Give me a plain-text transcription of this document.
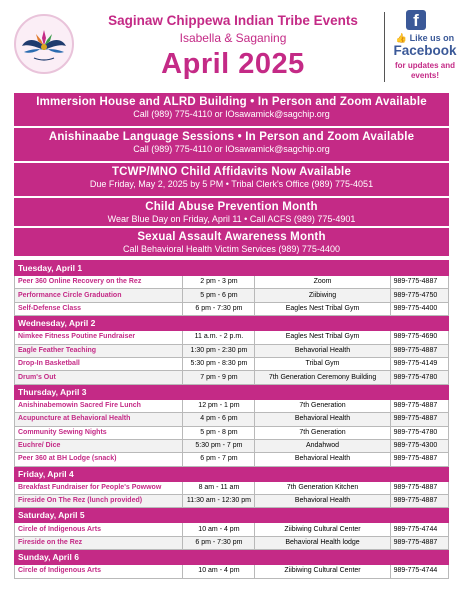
Saginaw Chippewa Indian Tribe Events
Isabella & Saganing
April 2025
f
👍 Like us on
Facebook
for updates and events!
Immersion House and ALRD Building • In Person and Zoom Available
Call (989) 775-4110 or IOsawamick@sagchip.org
Anishinaabe Language Sessions • In Person and Zoom Available
Call (989) 775-4110 or IOsawamick@sagchip.org
TCWP/MNO Child Affidavits Now Available
Due Friday, May 2, 2025 by 5 PM • Tribal Clerk's Office (989) 775-4051
Child Abuse Prevention Month
Wear Blue Day on Friday, April 11 • Call ACFS (989) 775-4901
Sexual Assault Awareness Month
Call Behavioral Health Victim Services (989) 775-4400
Tuesday, April 1			
Peer 360 Online Recovery on the Rez	2 pm - 3 pm	Zoom	989-775-4887
Performance Circle Graduation	5 pm - 6 pm	Ziibiwing	989-775-4750
Self-Defense Class	6 pm - 7:30 pm	Eagles Nest Tribal Gym	989-775-4400
Wednesday, April 2			
Nimkee Fitness Poutine Fundraiser	11 a.m. - 2 p.m.	Eagles Nest Tribal Gym	989-775-4690
Eagle Feather Teaching	1:30 pm - 2:30 pm	Behavorial Health	989-775-4887
Drop-In Basketball	5:30 pm - 8:30 pm	Tribal Gym	989-775-4149
Drum's Out	7 pm - 9 pm	7th Generation Ceremony Building	989-775-4780
Thursday, April 3			
Anishinabemowin Sacred Fire Lunch	12 pm - 1 pm	7th Generation	989-775-4887
Acupuncture at Behavioral Health	4 pm - 6 pm	Behavioral Health	989-775-4887
Community Sewing Nights	5 pm - 8 pm	7th Generation	989-775-4780
Euchre/ Dice	5:30 pm - 7 pm	Andahwod	989-775-4300
Peer 360 at BH Lodge (snack)	6 pm - 7 pm	Behavioral Health	989-775-4887
Friday, April 4			
Breakfast Fundraiser for People's Powwow	8 am - 11 am	7th Generation Kitchen	989-775-4887
Fireside On The Rez (lunch provided)	11:30 am - 12:30 pm	Behavioral Health	989-775-4887
Saturday, April 5			
Circle of Indigenous Arts	10 am - 4 pm	Ziibiwing Cultural Center	989-775-4744
Fireside on the Rez	6 pm - 7:30 pm	Behavioral Health lodge	989-775-4887
Sunday, April 6			
Circle of Indigenous Arts	10 am - 4 pm	Ziibiwing Cultural Center	989-775-4744
